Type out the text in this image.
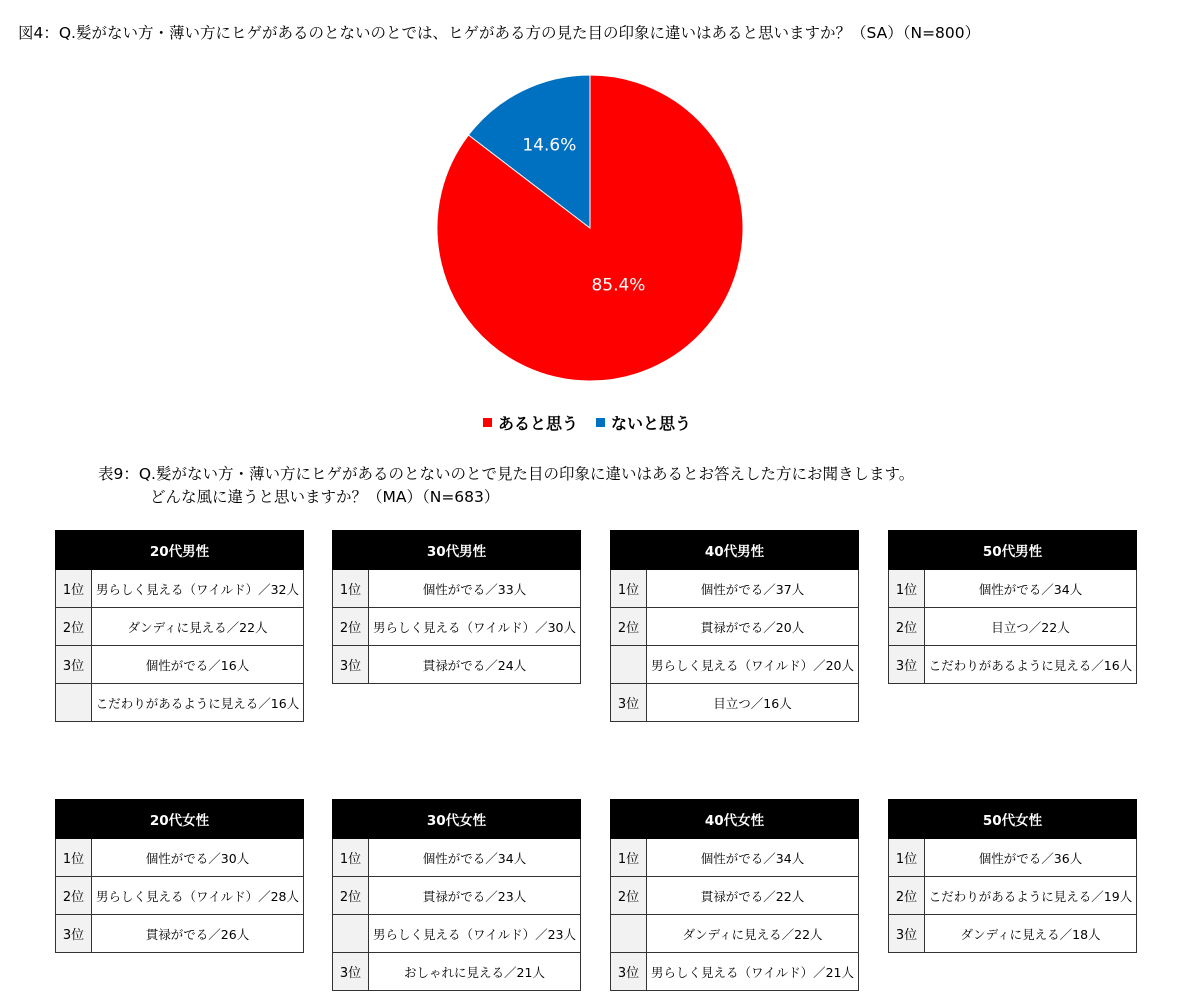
図4：Q.髪がない方・薄い方にヒゲがあるのとないのとでは、ヒゲがある方の見た目の印象に違いはあると思いますか？（SA）（N=800）
85.4%
14.6%
あると思う ないと思う
表9：Q.髪がない方・薄い方にヒゲがあるのとないのとで見た目の印象に違いはあるとお答えした方にお聞きします。
どんな風に違うと思いますか？（MA）（N=683）
20代男性	
1位	男らしく見える（ワイルド）／32人
2位	ダンディに見える／22人
3位	個性がでる／16人
	こだわりがあるように見える／16人
30代男性	
1位	個性がでる／33人
2位	男らしく見える（ワイルド）／30人
3位	貫禄がでる／24人
40代男性	
1位	個性がでる／37人
2位	貫禄がでる／20人
	男らしく見える（ワイルド）／20人
3位	目立つ／16人
50代男性	
1位	個性がでる／34人
2位	目立つ／22人
3位	こだわりがあるように見える／16人
20代女性	
1位	個性がでる／30人
2位	男らしく見える（ワイルド）／28人
3位	貫禄がでる／26人
30代女性	
1位	個性がでる／34人
2位	貫禄がでる／23人
	男らしく見える（ワイルド）／23人
3位	おしゃれに見える／21人
40代女性	
1位	個性がでる／34人
2位	貫禄がでる／22人
	ダンディに見える／22人
3位	男らしく見える（ワイルド）／21人
50代女性	
1位	個性がでる／36人
2位	こだわりがあるように見える／19人
3位	ダンディに見える／18人
